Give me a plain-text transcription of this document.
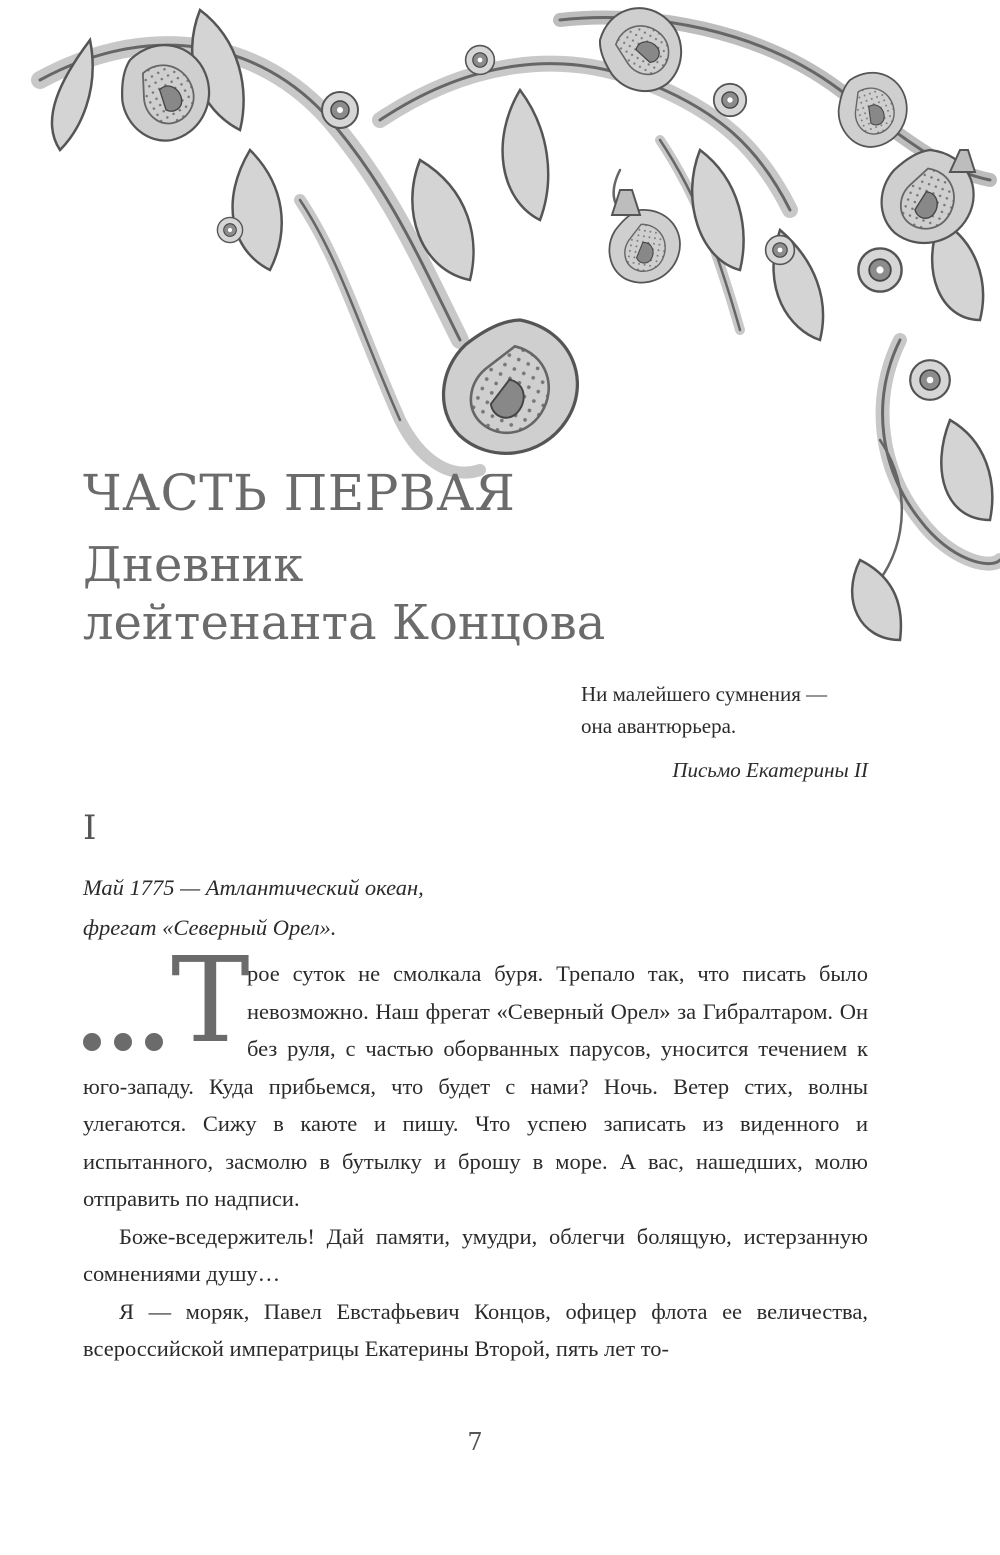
ЧАСТЬ ПЕРВАЯ
Дневник
лейтенанта Концова
Ни малейшего сумнения —
она авантюрьера.
Письмо Екатерины II
I
Май 1775 — Атлантический океан,
фрегат «Северный Орел».

Т
рое суток не смолкала буря. Трепало так, что писать было невозможно. Наш фрегат «Северный Орел» за Гибралтаром. Он без руля, с частью оборванных парусов, уносится течением к юго-западу. Куда прибьемся, что будет с нами? Ночь. Ветер стих, волны улегаются. Сижу в каюте и пишу. Что успею записать из виденного и испытанного, засмолю в бутылку и брошу в море. А вас, нашедших, молю отправить по надписи.

Боже-вседержитель! Дай памяти, умудри, облегчи болящую, истерзанную сомнениями душу…

Я — моряк, Павел Евстафьевич Концов, офицер флота ее величества, всероссийской императрицы Екатерины Второй, пять лет то-

7
